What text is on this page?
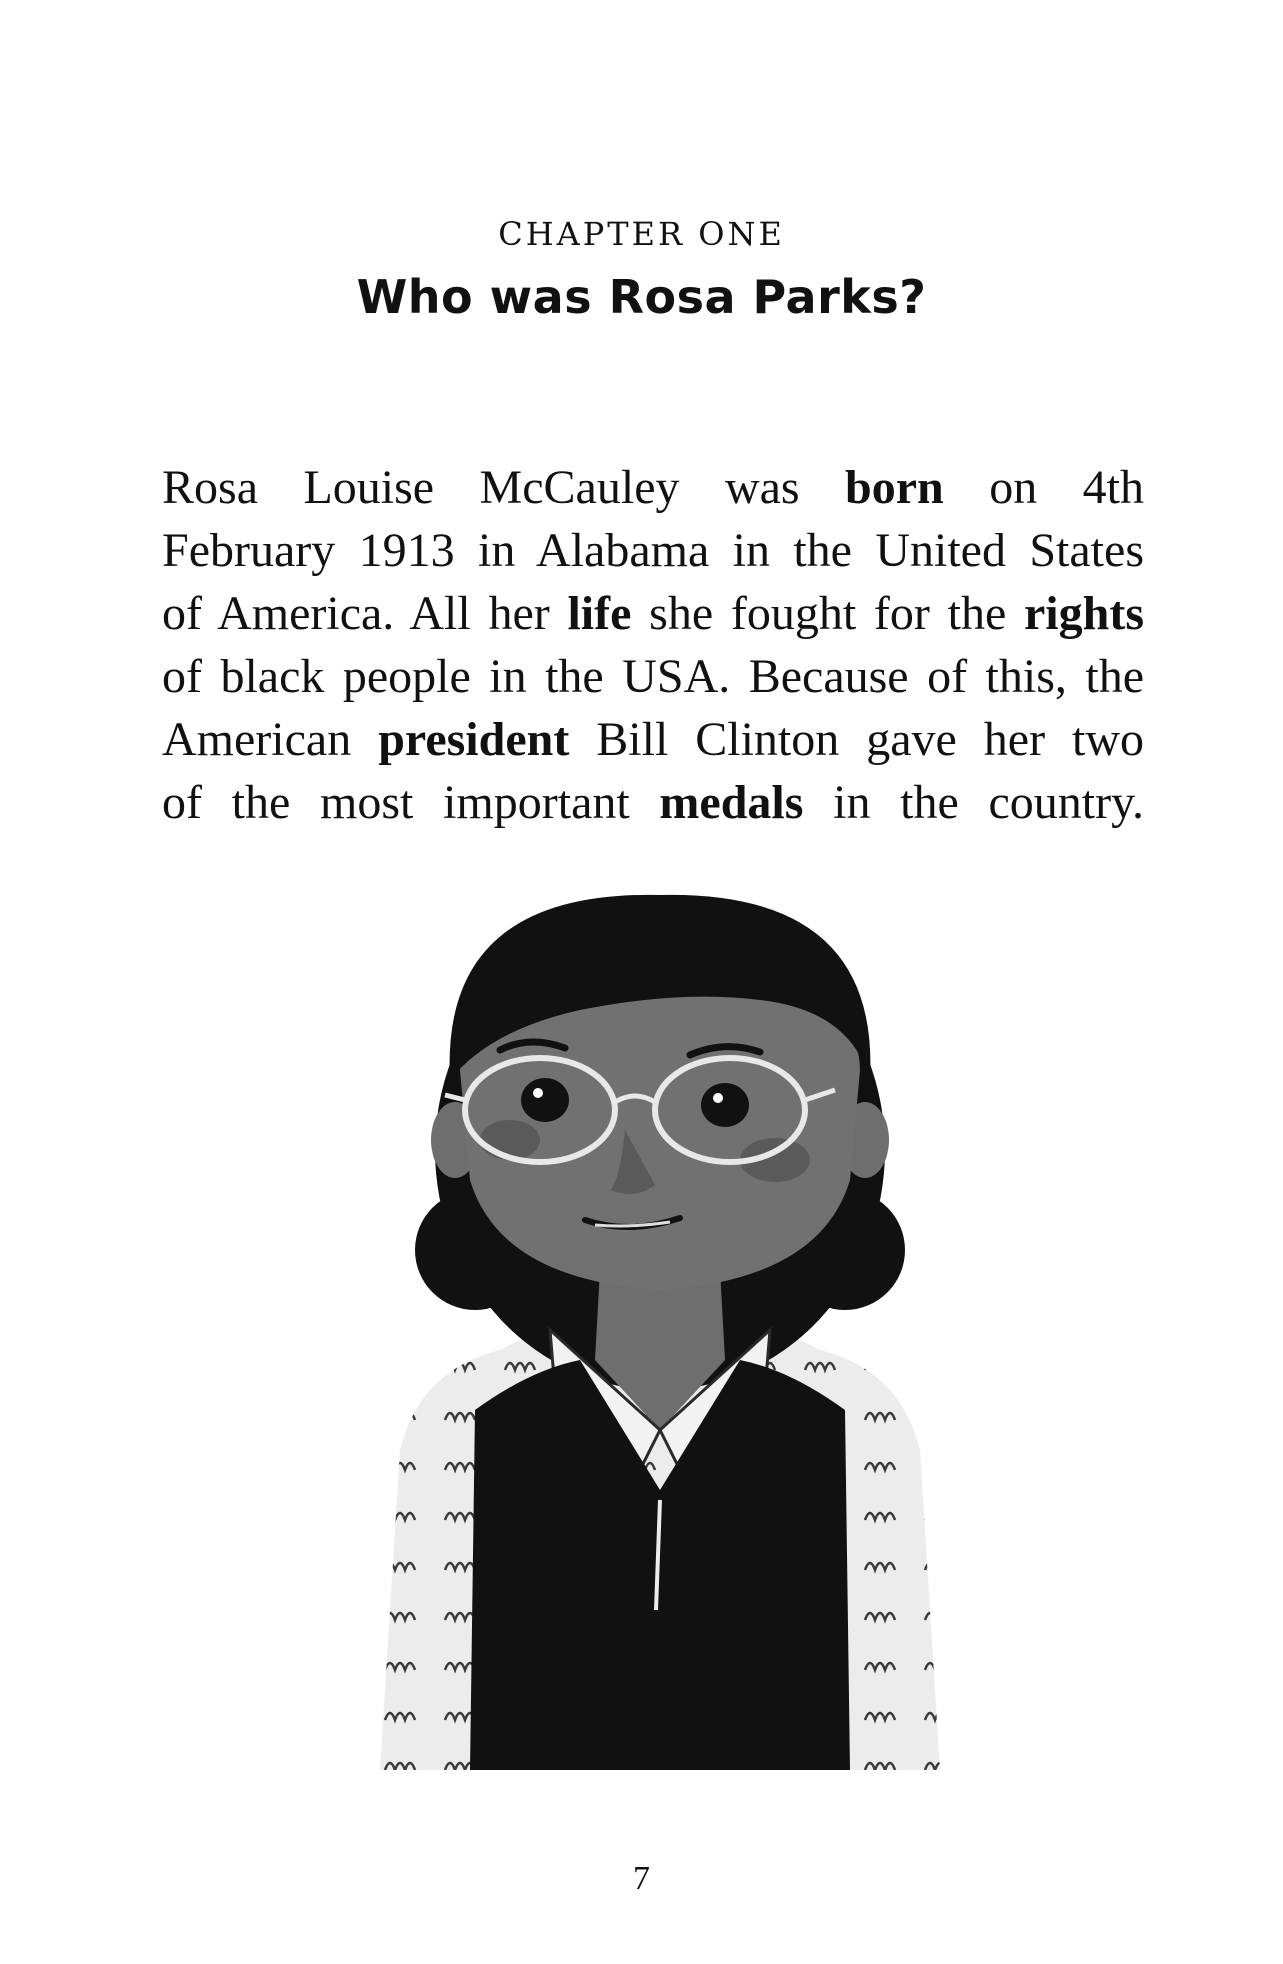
CHAPTER ONE
Who was Rosa Parks?
Rosa Louise McCauley was born on 4th
February 1913 in Alabama in the United States
of America. All her life she fought for the rights
of black people in the USA. Because of this, the
American president Bill Clinton gave her two
of the most important medals in the country.
7
